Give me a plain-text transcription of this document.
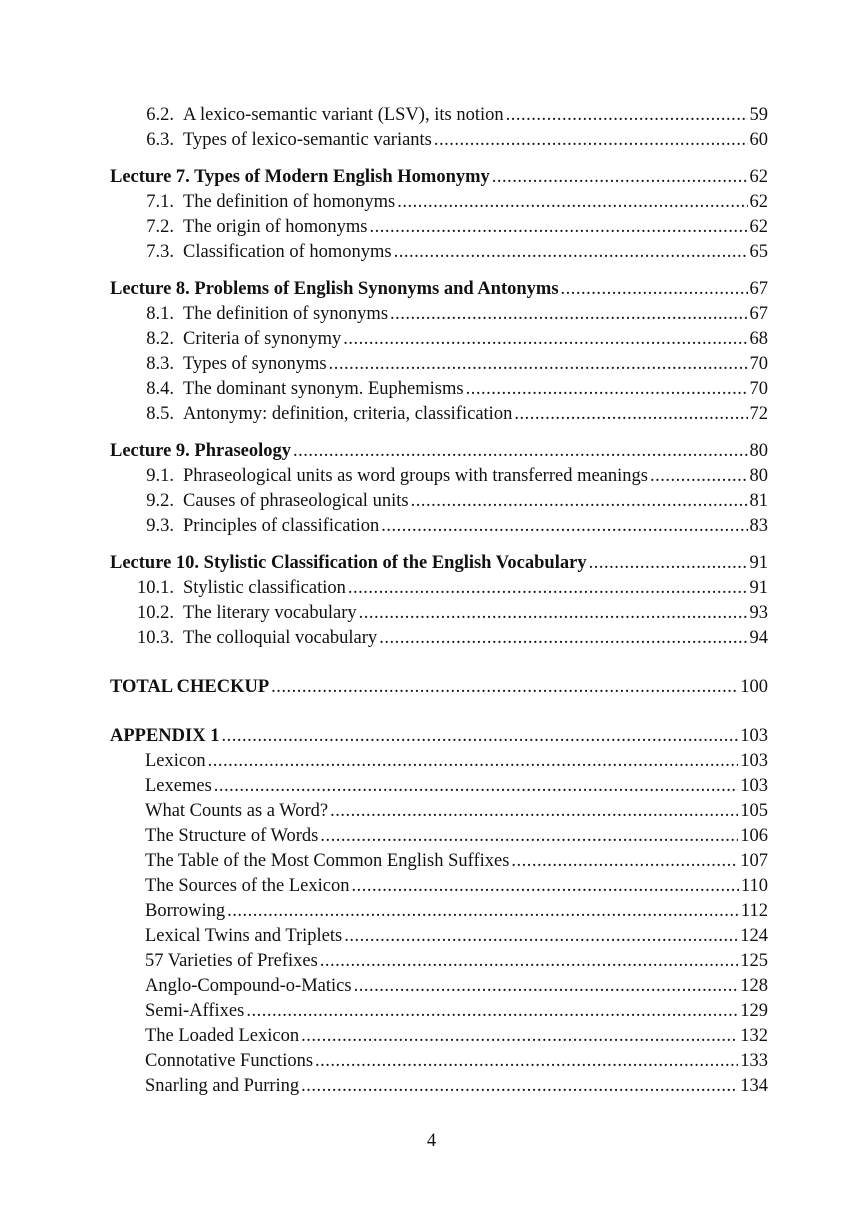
6.2. A lexico-semantic variant (LSV), its notion .....	59
6.3. Types of lexico-semantic variants .....	60
Lecture 7. Types of Modern English Homonymy .....	62
7.1. The definition of homonyms .....	62
7.2. The origin of homonyms .....	62
7.3. Classification of homonyms .....	65
Lecture 8. Problems of English Synonyms and Antonyms .....	67
8.1. The definition of synonyms .....	67
8.2. Criteria of synonymy .....	68
8.3. Types of synonyms .....	70
8.4. The dominant synonym. Euphemisms .....	70
8.5. Antonymy: definition, criteria, classification .....	72
Lecture 9. Phraseology .....	80
9.1. Phraseological units as word groups with transferred meanings .....	80
9.2. Causes of phraseological units .....	81
9.3. Principles of classification .....	83
Lecture 10. Stylistic Classification of the English Vocabulary .....	91
10.1. Stylistic classification .....	91
10.2. The literary vocabulary .....	93
10.3. The colloquial vocabulary .....	94
TOTAL CHECKUP .....	100
APPENDIX 1 .....	103
Lexicon .....	103
Lexemes .....	103
What Counts as a Word? .....	105
The Structure of Words .....	106
The Table of the Most Common English Suffixes .....	107
The Sources of the Lexicon .....	110
Borrowing .....	112
Lexical Twins and Triplets .....	124
57 Varieties of Prefixes .....	125
Anglo-Compound-o-Matics .....	128
Semi-Affixes .....	129
The Loaded Lexicon .....	132
Connotative Functions .....	133
Snarling and Purring .....	134
4
